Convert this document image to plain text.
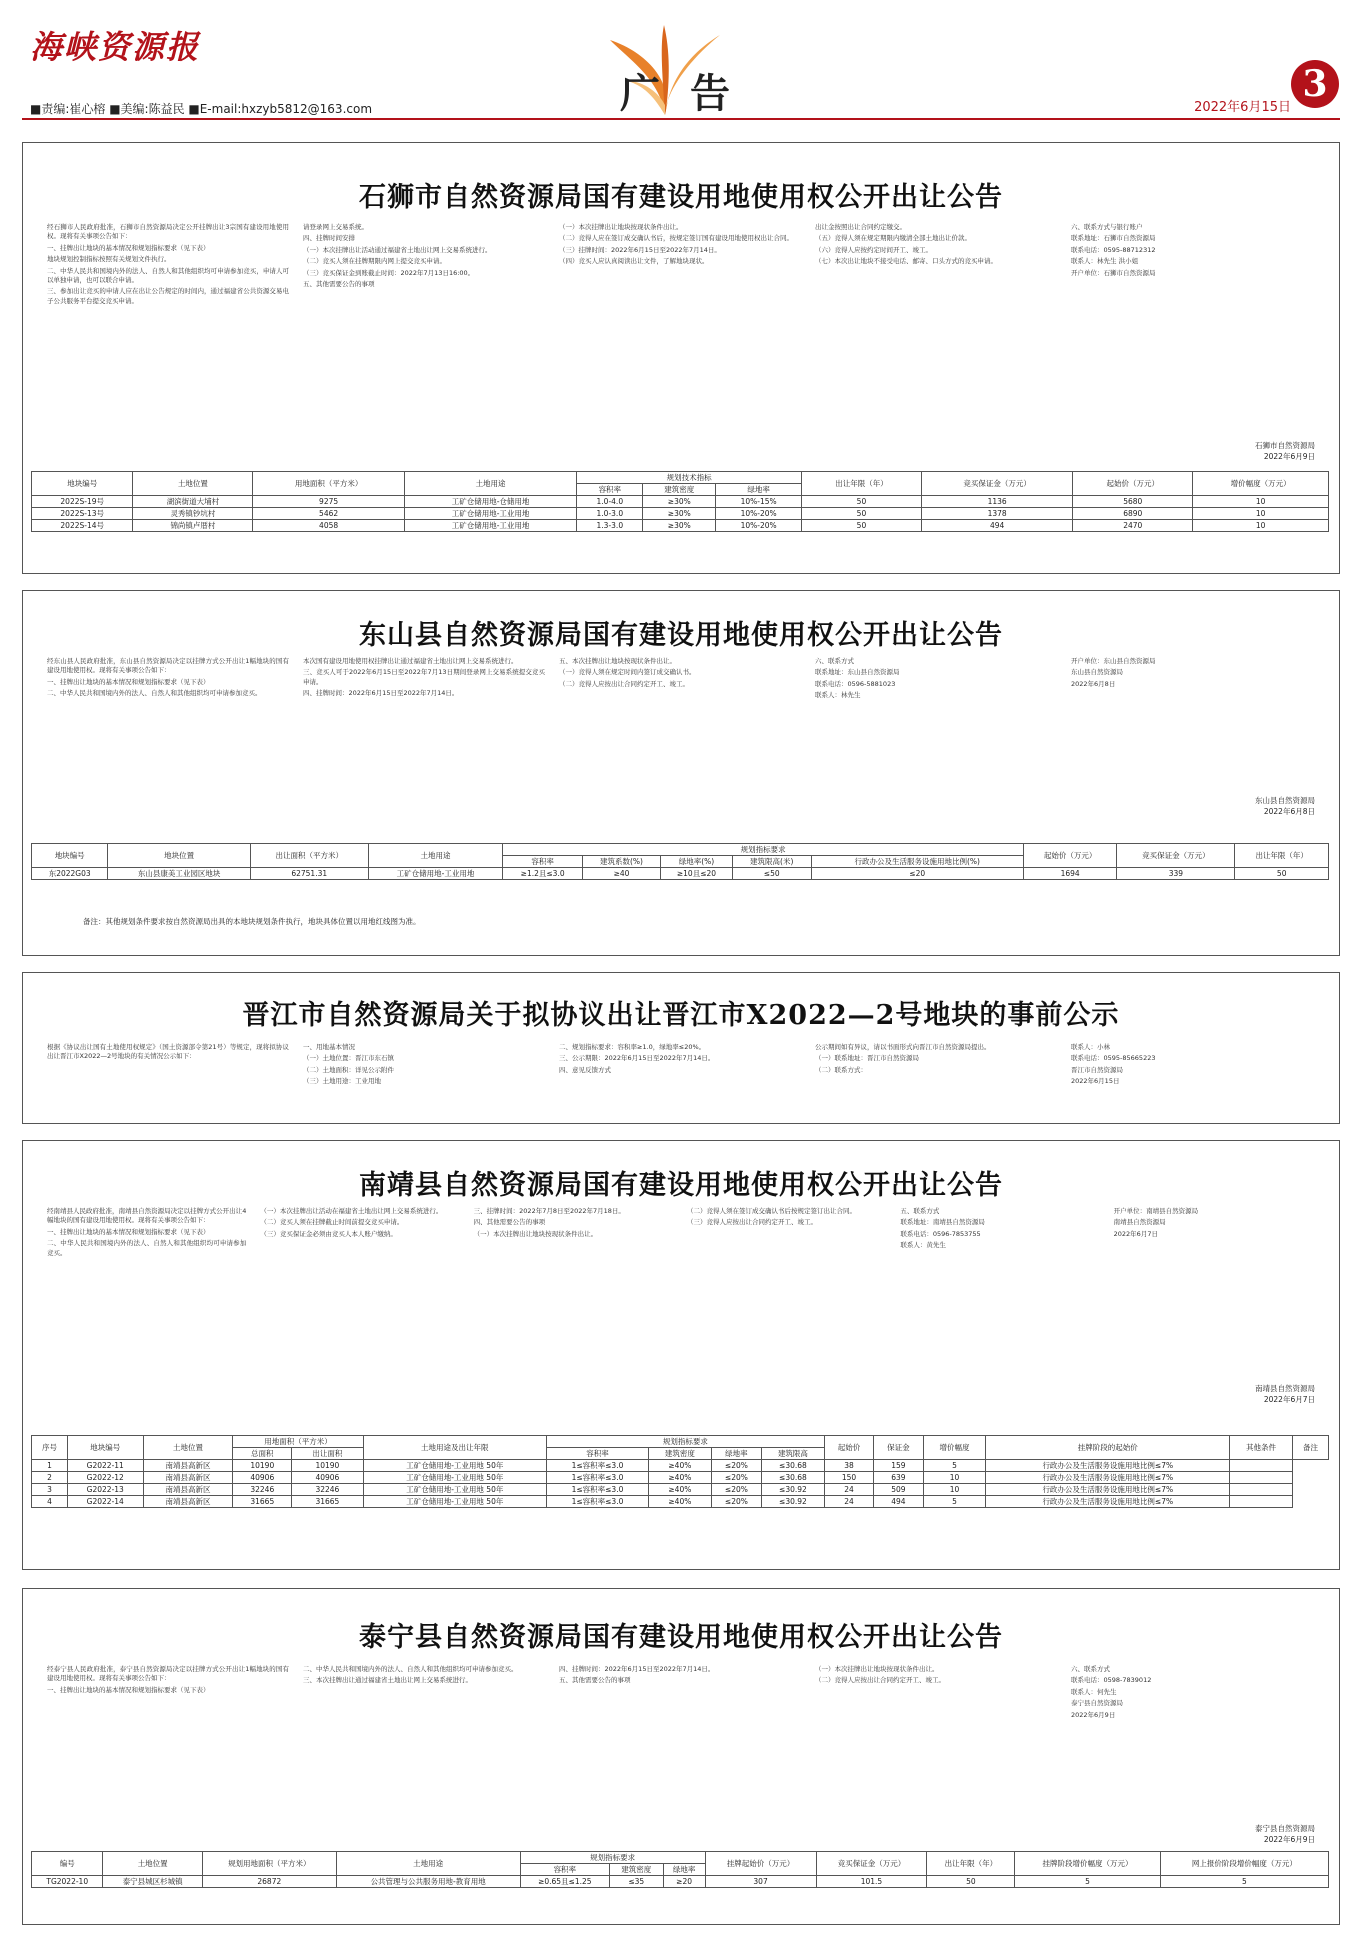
海峡资源报
■责编:崔心榕 ■美编:陈益民 ■E-mail:hxzyb5812@163.com	广告	2022年6月15日
3
石狮市自然资源局国有建设用地使用权公开出让公告

经石狮市人民政府批准，石狮市自然资源局决定公开挂牌出让3宗国有建设用地使用权。现将有关事项公告如下：

一、挂牌出让地块的基本情况和规划指标要求（见下表）

地块规划控制指标按照有关规划文件执行。

二、中华人民共和国境内外的法人、自然人和其他组织均可申请参加竞买，申请人可以单独申请，也可以联合申请。

三、参加出让竞买的申请人应在出让公告规定的时间内，通过福建省公共资源交易电子公共服务平台提交竞买申请。

请登录网上交易系统。

四、挂牌时间安排

（一）本次挂牌出让活动通过福建省土地出让网上交易系统进行。

（二）竞买人须在挂牌期限内网上提交竞买申请。

（三）竞买保证金到账截止时间：2022年7月13日16:00。

五、其他需要公告的事项

（一）本次挂牌出让地块按现状条件出让。

（二）竞得人应在签订成交确认书后，按规定签订国有建设用地使用权出让合同。

（三）挂牌时间：2022年6月15日至2022年7月14日。

（四）竞买人应认真阅读出让文件，了解地块现状。

出让金按照出让合同约定缴交。

（五）竞得人须在规定期限内缴清全部土地出让价款。

（六）竞得人应按约定时间开工、竣工。

（七）本次出让地块不接受电话、邮寄、口头方式的竞买申请。

六、联系方式与银行账户

联系地址：石狮市自然资源局

联系电话：0595-88712312

联系人：林先生 洪小姐

开户单位：石狮市自然资源局

石狮市自然资源局
2022年6月9日
地块编号	土地位置	用地面积（平方米）	土地用途	规划技术指标			出让年限（年）	竞买保证金（万元）	起始价（万元）	增价幅度（万元）
				容积率	建筑密度	绿地率				
2022S-19号	湖滨街道大埔村	9275	工矿仓储用地-仓储用地	1.0-4.0	≥30%	10%-15%	50	1136	5680	10
2022S-13号	灵秀镇钞坑村	5462	工矿仓储用地-工业用地	1.0-3.0	≥30%	10%-20%	50	1378	6890	10
2022S-14号	锦尚镇卢厝村	4058	工矿仓储用地-工业用地	1.3-3.0	≥30%	10%-20%	50	494	2470	10
东山县自然资源局国有建设用地使用权公开出让公告

经东山县人民政府批准，东山县自然资源局决定以挂牌方式公开出让1幅地块的国有建设用地使用权。现将有关事项公告如下：

一、挂牌出让地块的基本情况和规划指标要求（见下表）

二、中华人民共和国境内外的法人、自然人和其他组织均可申请参加竞买。

本次国有建设用地使用权挂牌出让通过福建省土地出让网上交易系统进行。

三、竞买人可于2022年6月15日至2022年7月13日期间登录网上交易系统提交竞买申请。

四、挂牌时间：2022年6月15日至2022年7月14日。

五、本次挂牌出让地块按现状条件出让。

（一）竞得人须在规定时间内签订成交确认书。

（二）竞得人应按出让合同约定开工、竣工。

六、联系方式

联系地址：东山县自然资源局

联系电话：0596-5881023

联系人：林先生

开户单位：东山县自然资源局

东山县自然资源局

2022年6月8日

东山县自然资源局
2022年6月8日
地块编号	地块位置	出让面积（平方米）	土地用途	规划指标要求					起始价（万元）	竞买保证金（万元）	出让年限（年）
				容积率	建筑系数(%)	绿地率(%)	建筑限高(米)	行政办公及生活服务设施用地比例(%)			
东2022G03	东山县康美工业园区地块	62751.31	工矿仓储用地-工业用地	≥1.2且≤3.0	≥40	≥10且≤20	≤50	≤20	1694	339	50
备注：其他规划条件要求按自然资源局出具的本地块规划条件执行，地块具体位置以用地红线图为准。
晋江市自然资源局关于拟协议出让晋江市X2022—2号地块的事前公示

根据《协议出让国有土地使用权规定》（国土资源部令第21号）等规定，现将拟协议出让晋江市X2022—2号地块的有关情况公示如下：

一、用地基本情况

（一）土地位置：晋江市东石镇

（二）土地面积：详见公示附件

（三）土地用途：工业用地

二、规划指标要求：容积率≥1.0，绿地率≤20%。

三、公示期限：2022年6月15日至2022年7月14日。

四、意见反馈方式

公示期间如有异议，请以书面形式向晋江市自然资源局提出。

（一）联系地址：晋江市自然资源局

（二）联系方式：

联系人：小林

联系电话：0595-85665223

晋江市自然资源局

2022年6月15日

南靖县自然资源局国有建设用地使用权公开出让公告

经南靖县人民政府批准，南靖县自然资源局决定以挂牌方式公开出让4幅地块的国有建设用地使用权。现将有关事项公告如下：

一、挂牌出让地块的基本情况和规划指标要求（见下表）

二、中华人民共和国境内外的法人、自然人和其他组织均可申请参加竞买。

（一）本次挂牌出让活动在福建省土地出让网上交易系统进行。

（二）竞买人须在挂牌截止时间前提交竞买申请。

（三）竞买保证金必须由竞买人本人账户缴纳。

三、挂牌时间：2022年7月8日至2022年7月18日。

四、其他需要公告的事项

（一）本次挂牌出让地块按现状条件出让。

（二）竞得人须在签订成交确认书后按规定签订出让合同。

（三）竞得人应按出让合同约定开工、竣工。

五、联系方式

联系地址：南靖县自然资源局

联系电话：0596-7853755

联系人：黄先生

开户单位：南靖县自然资源局

南靖县自然资源局

2022年6月7日

南靖县自然资源局
2022年6月7日
序号	地块编号	土地位置	用地面积（平方米）		土地用途及出让年限	规划指标要求				起始价	保证金	增价幅度	挂牌阶段的起始价	其他条件	备注
			总面积	出让面积		容积率	建筑密度	绿地率	建筑限高						
1	G2022-11	南靖县高新区	10190	10190	工矿仓储用地-工业用地 50年	1≤容积率≤3.0	≥40%	≤20%	≤30.68	38	159	5	行政办公及生活服务设施用地比例≤7%		
2	G2022-12	南靖县高新区	40906	40906	工矿仓储用地-工业用地 50年	1≤容积率≤3.0	≥40%	≤20%	≤30.68	150	639	10	行政办公及生活服务设施用地比例≤7%		
3	G2022-13	南靖县高新区	32246	32246	工矿仓储用地-工业用地 50年	1≤容积率≤3.0	≥40%	≤20%	≤30.92	24	509	10	行政办公及生活服务设施用地比例≤7%		
4	G2022-14	南靖县高新区	31665	31665	工矿仓储用地-工业用地 50年	1≤容积率≤3.0	≥40%	≤20%	≤30.92	24	494	5	行政办公及生活服务设施用地比例≤7%		
泰宁县自然资源局国有建设用地使用权公开出让公告

经泰宁县人民政府批准，泰宁县自然资源局决定以挂牌方式公开出让1幅地块的国有建设用地使用权。现将有关事项公告如下：

一、挂牌出让地块的基本情况和规划指标要求（见下表）

二、中华人民共和国境内外的法人、自然人和其他组织均可申请参加竞买。

三、本次挂牌出让通过福建省土地出让网上交易系统进行。

四、挂牌时间：2022年6月15日至2022年7月14日。

五、其他需要公告的事项

（一）本次挂牌出让地块按现状条件出让。

（二）竞得人应按出让合同约定开工、竣工。

六、联系方式

联系电话：0598-7839012

联系人：何先生

泰宁县自然资源局

2022年6月9日

泰宁县自然资源局
2022年6月9日
编号	土地位置	规划用地面积（平方米）	土地用途	规划指标要求			挂牌起始价（万元）	竞买保证金（万元）	出让年限（年）	挂牌阶段增价幅度（万元）	网上报价阶段增价幅度（万元）
				容积率	建筑密度	绿地率					
TG2022-10	泰宁县城区杉城镇	26872	公共管理与公共服务用地-教育用地	≥0.65且≤1.25	≤35	≥20	307	101.5	50	5	5
